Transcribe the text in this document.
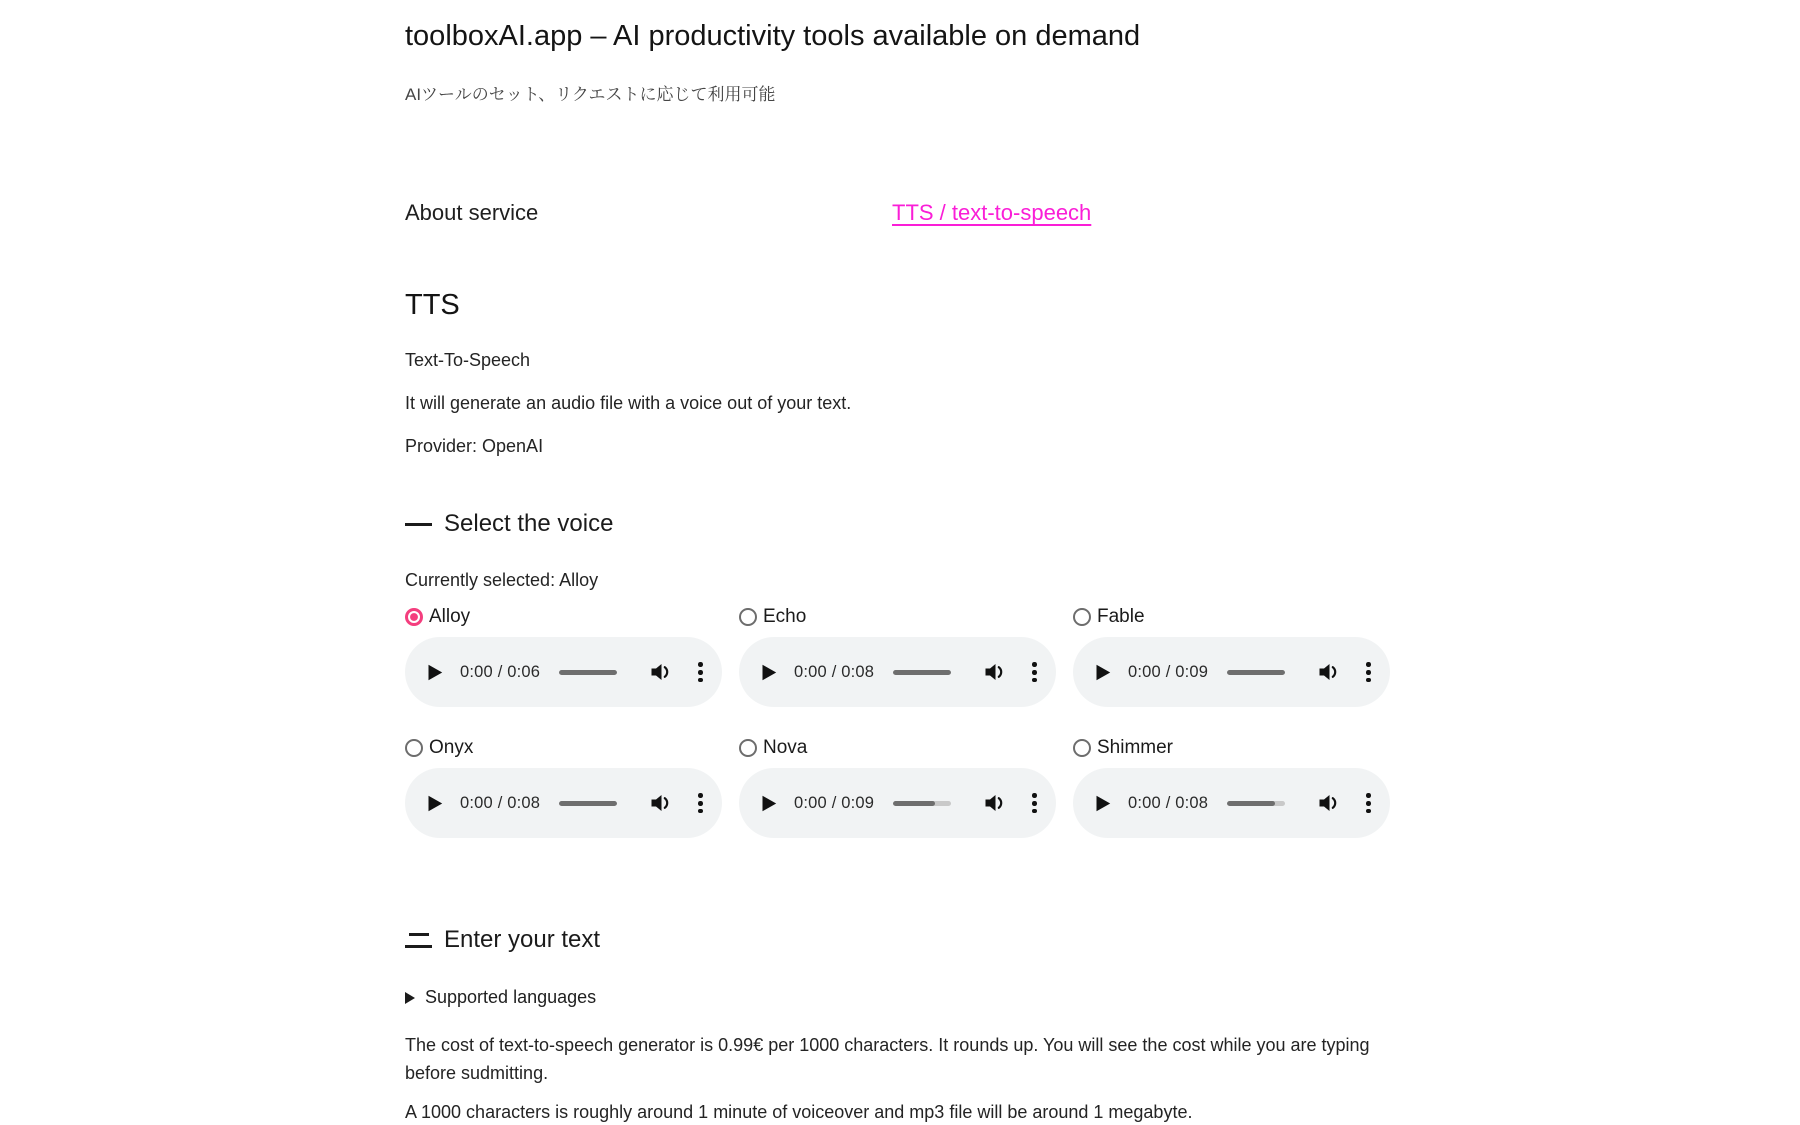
toolboxAI.app – AI productivity tools available on demand
AIツールのセット、リクエストに応じて利用可能
About service	TTS / text-to-speech
TTS

Text-To-Speech

It will generate an audio file with a voice out of your text.

Provider: OpenAI

Select the voice

Currently selected: Alloy

Alloy
0:00 / 0:06
Echo
0:00 / 0:08
Fable
0:00 / 0:09
Onyx
0:00 / 0:08
Nova
0:00 / 0:09
Shimmer
0:00 / 0:08
Enter your text
Supported languages

The cost of text-to-speech generator is 0.99€ per 1000 characters. It rounds up. You will see the cost while you are typing before sudmitting.

A 1000 characters is roughly around 1 minute of voiceover and mp3 file will be around 1 megabyte.
